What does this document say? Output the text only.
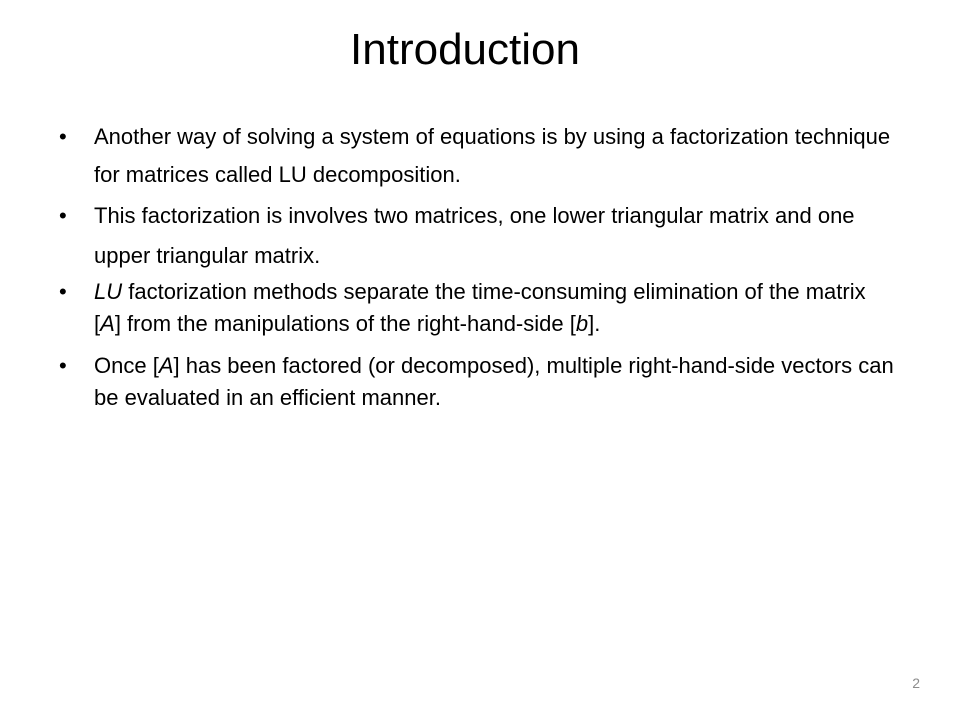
Introduction
• Another way of solving a system of equations is by using a factorization technique for matrices called LU decomposition.
• This factorization is involves two matrices, one lower triangular matrix and one upper triangular matrix.
• LU factorization methods separate the time-consuming elimination of the matrix [A] from the manipulations of the right-hand-side [b].
• Once [A] has been factored (or decomposed), multiple right-hand-side vectors can be evaluated in an efficient manner.
2
